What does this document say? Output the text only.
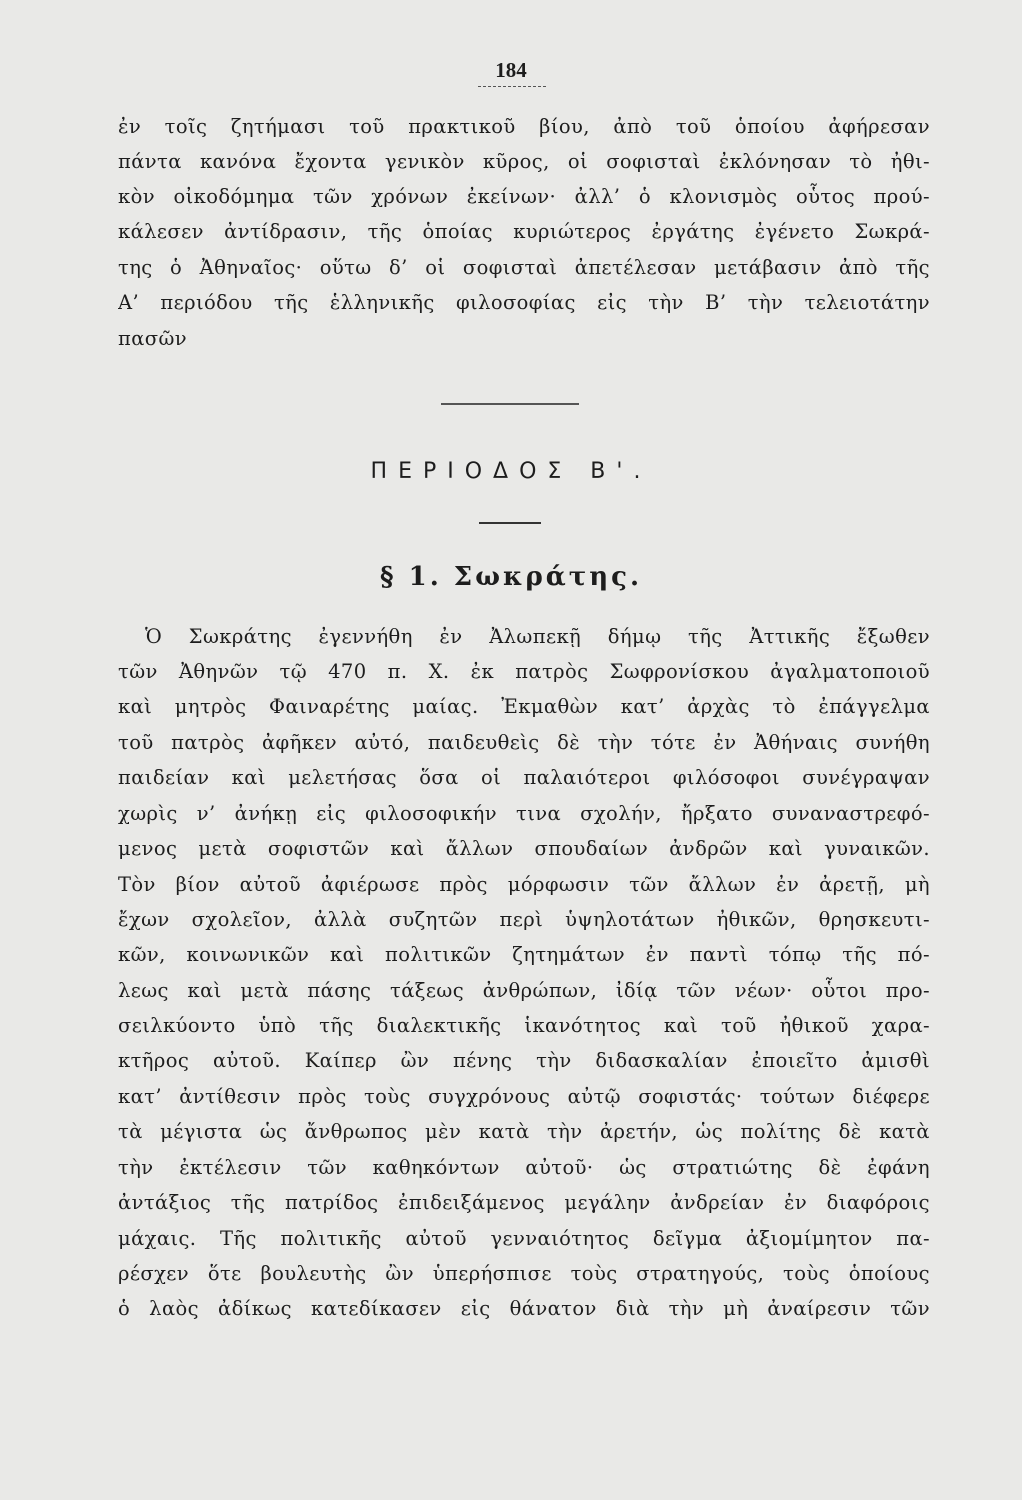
184
ἐν τοῖς ζητήμασι τοῦ πρακτικοῦ βίου, ἀπὸ τοῦ ὁποίου ἀφήρεσαν
πάντα κανόνα ἔχοντα γενικὸν κῦρος, οἱ σοφισταὶ ἐκλόνησαν τὸ ἠθι-
κὸν οἰκοδόμημα τῶν χρόνων ἐκείνων· ἀλλ’ ὁ κλονισμὸς οὗτος πρού-
κάλεσεν ἀντίδρασιν, τῆς ὁποίας κυριώτερος ἐργάτης ἐγένετο Σωκρά-
της ὁ Ἀθηναῖος· οὕτω δ’ οἱ σοφισταὶ ἀπετέλεσαν μετάβασιν ἀπὸ τῆς
Α’ περιόδου τῆς ἑλληνικῆς φιλοσοφίας εἰς τὴν Β’ τὴν τελειοτάτην
πασῶν
ΠΕΡΙΟΔΟΣ Β'.
§ 1. Σωκράτης.
Ὁ Σωκράτης ἐγεννήθη ἐν Ἀλωπεκῇ δήμῳ τῆς Ἀττικῆς ἔξωθεν
τῶν Ἀθηνῶν τῷ 470 π. Χ. ἐκ πατρὸς Σωφρονίσκου ἀγαλματοποιοῦ
καὶ μητρὸς Φαιναρέτης μαίας. Ἐκμαθὼν κατ’ ἀρχὰς τὸ ἐπάγγελμα
τοῦ πατρὸς ἀφῆκεν αὐτό, παιδευθεὶς δὲ τὴν τότε ἐν Ἀθήναις συνήθη
παιδείαν καὶ μελετήσας ὅσα οἱ παλαιότεροι φιλόσοφοι συνέγραψαν
χωρὶς ν’ ἀνήκῃ εἰς φιλοσοφικήν τινα σχολήν, ἤρξατο συναναστρεφό-
μενος μετὰ σοφιστῶν καὶ ἄλλων σπουδαίων ἀνδρῶν καὶ γυναικῶν.
Τὸν βίον αὐτοῦ ἀφιέρωσε πρὸς μόρφωσιν τῶν ἄλλων ἐν ἀρετῇ, μὴ
ἔχων σχολεῖον, ἀλλὰ συζητῶν περὶ ὑψηλοτάτων ἠθικῶν, θρησκευτι-
κῶν, κοινωνικῶν καὶ πολιτικῶν ζητημάτων ἐν παντὶ τόπῳ τῆς πό-
λεως καὶ μετὰ πάσης τάξεως ἀνθρώπων, ἰδίᾳ τῶν νέων· οὗτοι προ-
σειλκύοντο ὑπὸ τῆς διαλεκτικῆς ἱκανότητος καὶ τοῦ ἠθικοῦ χαρα-
κτῆρος αὐτοῦ. Καίπερ ὢν πένης τὴν διδασκαλίαν ἐποιεῖτο ἀμισθὶ
κατ’ ἀντίθεσιν πρὸς τοὺς συγχρόνους αὐτῷ σοφιστάς· τούτων διέφερε
τὰ μέγιστα ὡς ἄνθρωπος μὲν κατὰ τὴν ἀρετήν, ὡς πολίτης δὲ κατὰ
τὴν ἐκτέλεσιν τῶν καθηκόντων αὐτοῦ· ὡς στρατιώτης δὲ ἐφάνη
ἀντάξιος τῆς πατρίδος ἐπιδειξάμενος μεγάλην ἀνδρείαν ἐν διαφόροις
μάχαις. Τῆς πολιτικῆς αὐτοῦ γενναιότητος δεῖγμα ἀξιομίμητον πα-
ρέσχεν ὅτε βουλευτὴς ὢν ὑπερήσπισε τοὺς στρατηγούς, τοὺς ὁποίους
ὁ λαὸς ἀδίκως κατεδίκασεν εἰς θάνατον διὰ τὴν μὴ ἀναίρεσιν τῶν
